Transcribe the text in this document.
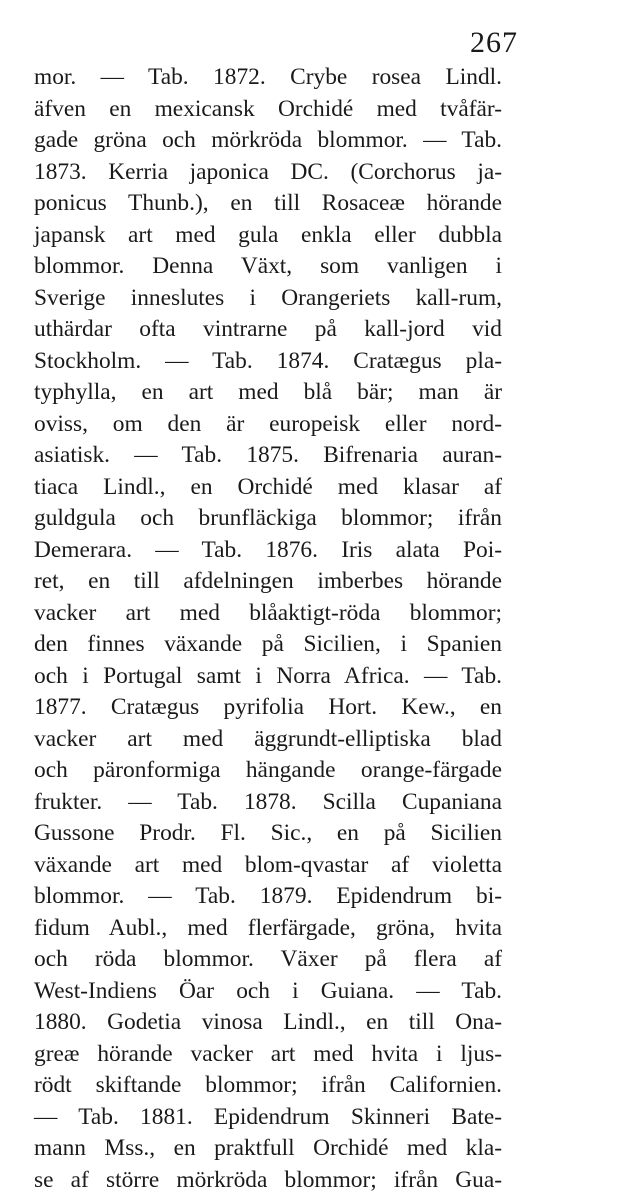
267
mor. — Tab. 1872. Crybe rosea Lindl.
äfven en mexicansk Orchidé med tvåfär-
gade gröna och mörkröda blommor. — Tab.
1873. Kerria japonica DC. (Corchorus ja-
ponicus Thunb.), en till Rosaceæ hörande
japansk art med gula enkla eller dubbla
blommor. Denna Växt, som vanligen i
Sverige inneslutes i Orangeriets kall-rum,
uthärdar ofta vintrarne på kall-jord vid
Stockholm. — Tab. 1874. Cratægus pla-
typhylla, en art med blå bär; man är
oviss, om den är europeisk eller nord-
asiatisk. — Tab. 1875. Bifrenaria auran-
tiaca Lindl., en Orchidé med klasar af
guldgula och brunfläckiga blommor; ifrån
Demerara. — Tab. 1876. Iris alata Poi-
ret, en till afdelningen imberbes hörande
vacker art med blåaktigt-röda blommor;
den finnes växande på Sicilien, i Spanien
och i Portugal samt i Norra Africa. — Tab.
1877. Cratægus pyrifolia Hort. Kew., en
vacker art med äggrundt-elliptiska blad
och päronformiga hängande orange-färgade
frukter. — Tab. 1878. Scilla Cupaniana
Gussone Prodr. Fl. Sic., en på Sicilien
växande art med blom-qvastar af violetta
blommor. — Tab. 1879. Epidendrum bi-
fidum Aubl., med flerfärgade, gröna, hvita
och röda blommor. Växer på flera af
West-Indiens Öar och i Guiana. — Tab.
1880. Godetia vinosa Lindl., en till Ona-
greæ hörande vacker art med hvita i ljus-
rödt skiftande blommor; ifrån Californien.
— Tab. 1881. Epidendrum Skinneri Bate-
mann Mss., en praktfull Orchidé med kla-
se af större mörkröda blommor; ifrån Gua-
